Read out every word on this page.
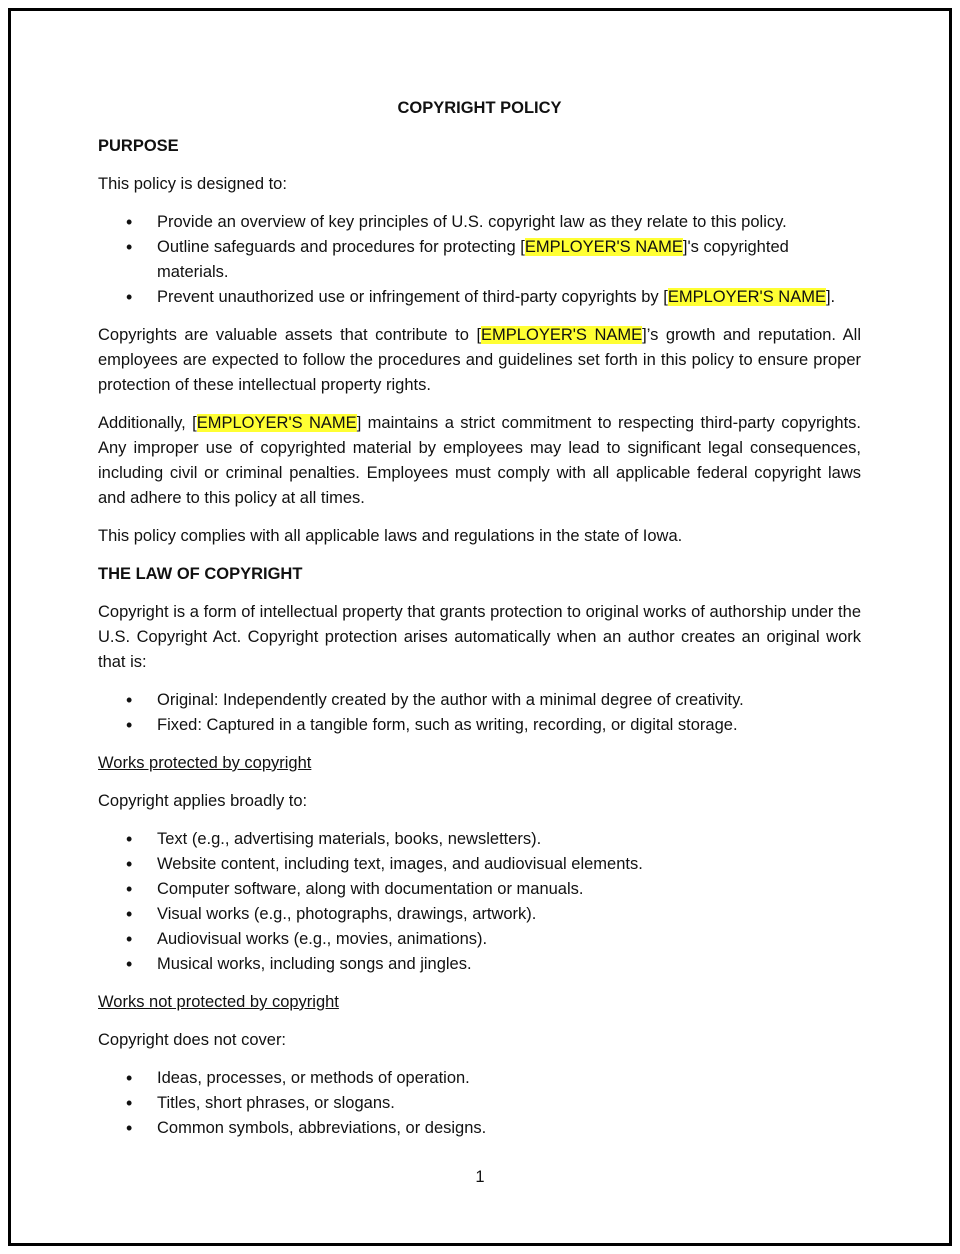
COPYRIGHT POLICY
PURPOSE

This policy is designed to:

• Provide an overview of key principles of U.S. copyright law as they relate to this policy.
• Outline safeguards and procedures for protecting [EMPLOYER'S NAME]'s copyrighted materials.
• Prevent unauthorized use or infringement of third-party copyrights by [EMPLOYER'S NAME].

Copyrights are valuable assets that contribute to [EMPLOYER'S NAME]’s growth and reputation. All employees are expected to follow the procedures and guidelines set forth in this policy to ensure proper protection of these intellectual property rights.

Additionally, [EMPLOYER'S NAME] maintains a strict commitment to respecting third-party copyrights. Any improper use of copyrighted material by employees may lead to significant legal consequences, including civil or criminal penalties. Employees must comply with all applicable federal copyright laws and adhere to this policy at all times.

This policy complies with all applicable laws and regulations in the state of Iowa.

THE LAW OF COPYRIGHT

Copyright is a form of intellectual property that grants protection to original works of authorship under the U.S. Copyright Act. Copyright protection arises automatically when an author creates an original work that is:

• Original: Independently created by the author with a minimal degree of creativity.
• Fixed: Captured in a tangible form, such as writing, recording, or digital storage.
Works protected by copyright

Copyright applies broadly to:

• Text (e.g., advertising materials, books, newsletters).
• Website content, including text, images, and audiovisual elements.
• Computer software, along with documentation or manuals.
• Visual works (e.g., photographs, drawings, artwork).
• Audiovisual works (e.g., movies, animations).
• Musical works, including songs and jingles.
Works not protected by copyright

Copyright does not cover:

• Ideas, processes, or methods of operation.
• Titles, short phrases, or slogans.
• Common symbols, abbreviations, or designs.
1
